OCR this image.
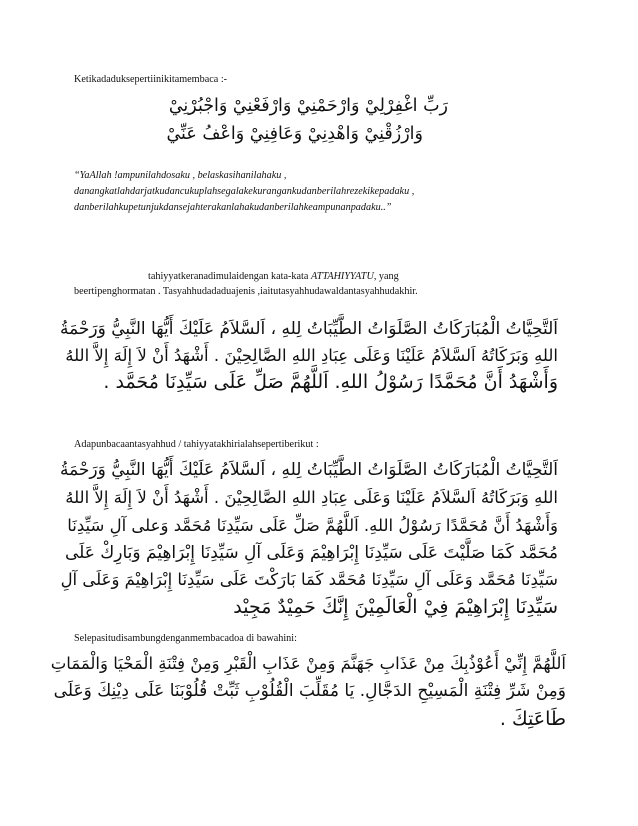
Ketikadaduksepertiinikitamembaca :-
رَبِّ اغْفِرْلِيْ وَارْحَمْنِيْ وَارْفَعْنِيْ وَاجْبُرْنِيْ
وَارْزُقْنِيْ وَاهْدِنِيْ وَعَافِنِيْ وَاعْفُ عَنِّيْ
“YaAllah !ampunilahdosaku , belaskasihanilahaku ,
danangkatlahdarjatkudancukuplahsegalakekurangankudanberilahrezekikepadaku ,
danberilahkupetunjukdansejahterakanlahakudanberilahkeampunanpadaku..”
tahiyyatkeranadimulaidengan kata-kata ATTAHIYYATU, yang
beertipenghormatan . Tasyahhudadaduajenis ,iaitutasyahhudawaldantasyahhudakhir.
اَلتَّحِيَّاتُ الْمُبَارَكَاتُ الصَّلَوَاتُ الطَّيِّبَاتُ لِلهِ ، اَلسَّلاَمُ عَلَيْكَ أَيُّهَا النَّبِيُّ وَرَحْمَةُ
اللهِ وَبَرَكَاتُهُ اَلسَّلاَمُ عَلَيْنَا وَعَلَى عِبَادِ اللهِ الصَّالِحِيْنَ . أَشْهَدُ أَنْ لاَ إِلَهَ إِلاَّ اللهُ
وَأَشْهَدُ أَنَّ مُحَمَّدًا رَسُوْلُ اللهِ. اَللَّهُمَّ صَلِّ عَلَى سَيِّدِنَا مُحَمَّد .
Adapunbacaantasyahhud / tahiyyatakhirialahsepertiberikut :
اَلتَّحِيَّاتُ الْمُبَارَكَاتُ الصَّلَوَاتُ الطَّيِّبَاتُ لِلهِ ، اَلسَّلاَمُ عَلَيْكَ أَيُّهَا النَّبِيُّ وَرَحْمَةُ
اللهِ وَبَرَكَاتُهُ اَلسَّلاَمُ عَلَيْنَا وَعَلَى عِبَادِ اللهِ الصَّالِحِيْنَ . أَشْهَدُ أَنْ لاَ إِلَهَ إِلاَّ اللهُ
وَأَشْهَدُ أَنَّ مُحَمَّدًا رَسُوْلُ اللهِ. اَللَّهُمَّ صَلِّ عَلَى سَيِّدِنَا مُحَمَّد وَعلى آلِ سَيِّدِنَا
مُحَمَّد كَمَا صَلَّيْتَ عَلَى سَيِّدِنَا إِبْرَاهِيْمَ وَعَلَى آلِ سَيِّدِنَا إِبْرَاهِيْمَ وَبَارِكْ عَلَى
سَيِّدِنَا مُحَمَّد وَعَلَى آلِ سَيِّدِنَا مُحَمَّد كَمَا بَارَكْتَ عَلَى سَيِّدِنَا إِبْرَاهِيْمَ وَعَلَى آلِ
سَيِّدِنَا إِبْرَاهِيْمَ فِيْ الْعَالَمِيْنَ إِنَّكَ حَمِيْدٌ مَجِيْد
Selepasitudisambungdenganmembacadoa di bawahini:
اَللَّهُمَّ إِنِّيْ أَعُوْذُبِكَ مِنْ عَذَابِ جَهَنَّمَ وَمِنْ عَذَابِ الْقَبْرِ وَمِنْ فِتْنَةِ الْمَحْيَا وَالْمَمَاتِ
وَمِنْ شَرِّ فِتْنَةِ الْمَسِيْحِ الدَجَّالِ. يَا مُقَلِّبَ الْقُلُوْبِ ثَبِّتْ قُلُوْبَنَا عَلَى دِيْنِكَ وَعَلَى
طَاعَتِكَ .
